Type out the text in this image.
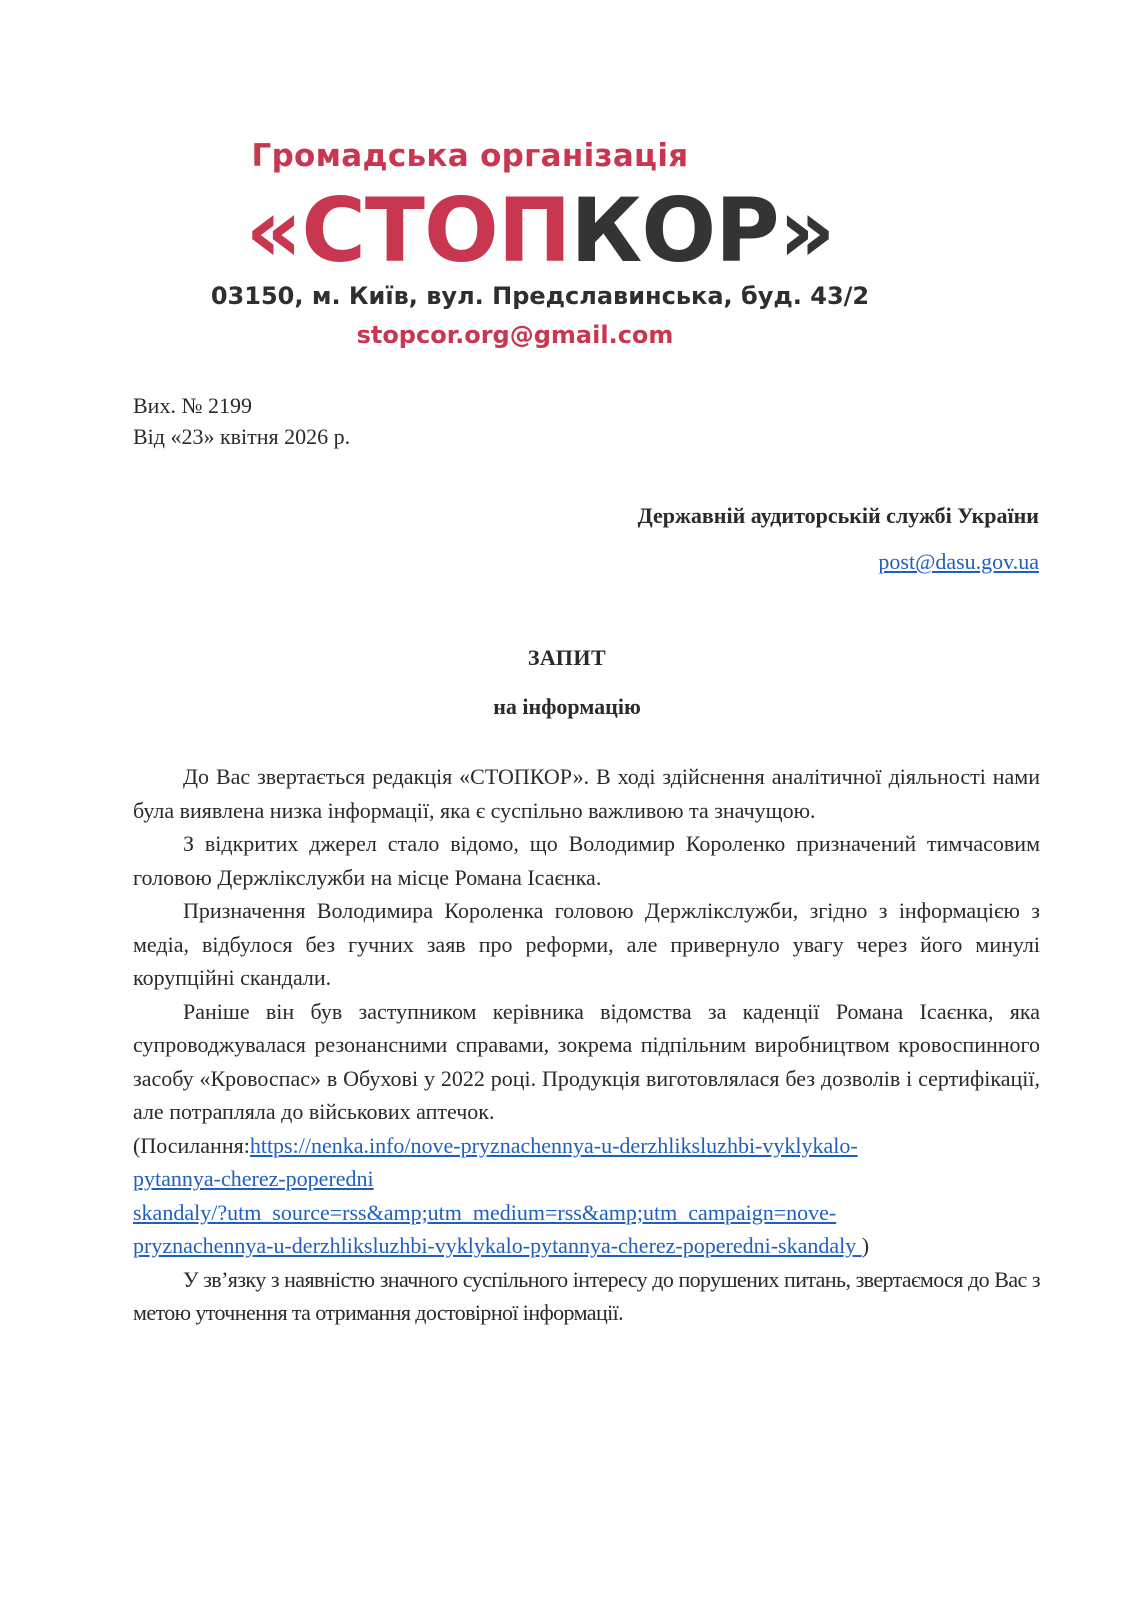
Громадська організація
«СТОПКОР»
03150, м. Київ, вул. Предславинська, буд. 43/2
stopcor.org@gmail.com
Вих. № 2199
Від «23» квітня 2026 р.
Державній аудиторській службі України
post@dasu.gov.ua
ЗАПИТ
на інформацію

До Вас звертається редакція «СТОПКОР». В ході здійснення аналітичної діяльності нами була виявлена низка інформації, яка є суспільно важливою та значущою.

З відкритих джерел стало відомо, що Володимир Короленко призначений тимчасовим головою Держлікслужби на місце Романа Ісаєнка.

Призначення Володимира Короленка головою Держлікслужби, згідно з інформацією з медіа, відбулося без гучних заяв про реформи, але привернуло увагу через його минулі корупційні скандали.

Раніше він був заступником керівника відомства за каденції Романа Ісаєнка, яка супроводжувалася резонансними справами, зокрема підпільним виробництвом кровоспинного засобу «Кровоспас» в Обухові у 2022 році. Продукція виготовлялася без дозволів і сертифікації, але потрапляла до військових аптечок.

(Посилання:https://nenka.info/nove-pryznachennya-u-derzhliksluzhbi-vyklykalo-
pytannya-cherez-poperedni
skandaly/?utm_source=rss&amp;utm_medium=rss&amp;utm_campaign=nove-
pryznachennya-u-derzhliksluzhbi-vyklykalo-pytannya-cherez-poperedni-skandaly )

У зв’язку з наявністю значного суспільного інтересу до порушених питань, звертаємося до Вас з метою уточнення та отримання достовірної інформації.
